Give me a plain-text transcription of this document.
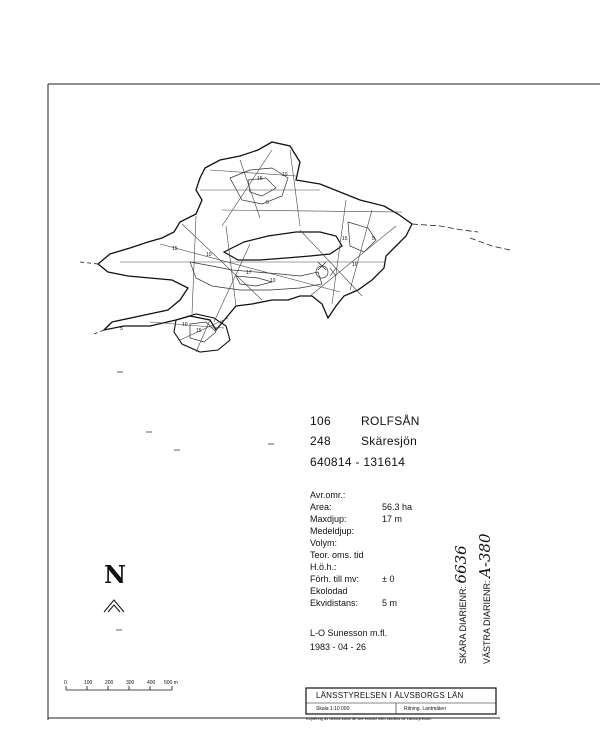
15
10
5
15
10
17
10
15	5
10
5	15
10
106	ROLFSÅN
248	Skäresjön
640814 - 131614
Avr.omr.:
Area:	56.3 ha
Maxdjup:	17 m
Medeldjup:
Volym:
Teor. oms. tid
H.ö.h.:
Förh. till mv:	± 0
Ekolodad
Ekvidistans:	5 m
L-O Sunesson m.fl.
1983 - 04 - 26
N
0	100	200	300	400 500 m
LÄNSSTYRELSEN I ÄLVSBORGS LÄN
Skala 1:10 000	Ritning. Lantmäteri
Kopiering av denna karta får ske endast med tillstånd av Länsstyrelsen
SKARA DIARIENR: 6636
VÄSTRA DIARIENR: A-380
